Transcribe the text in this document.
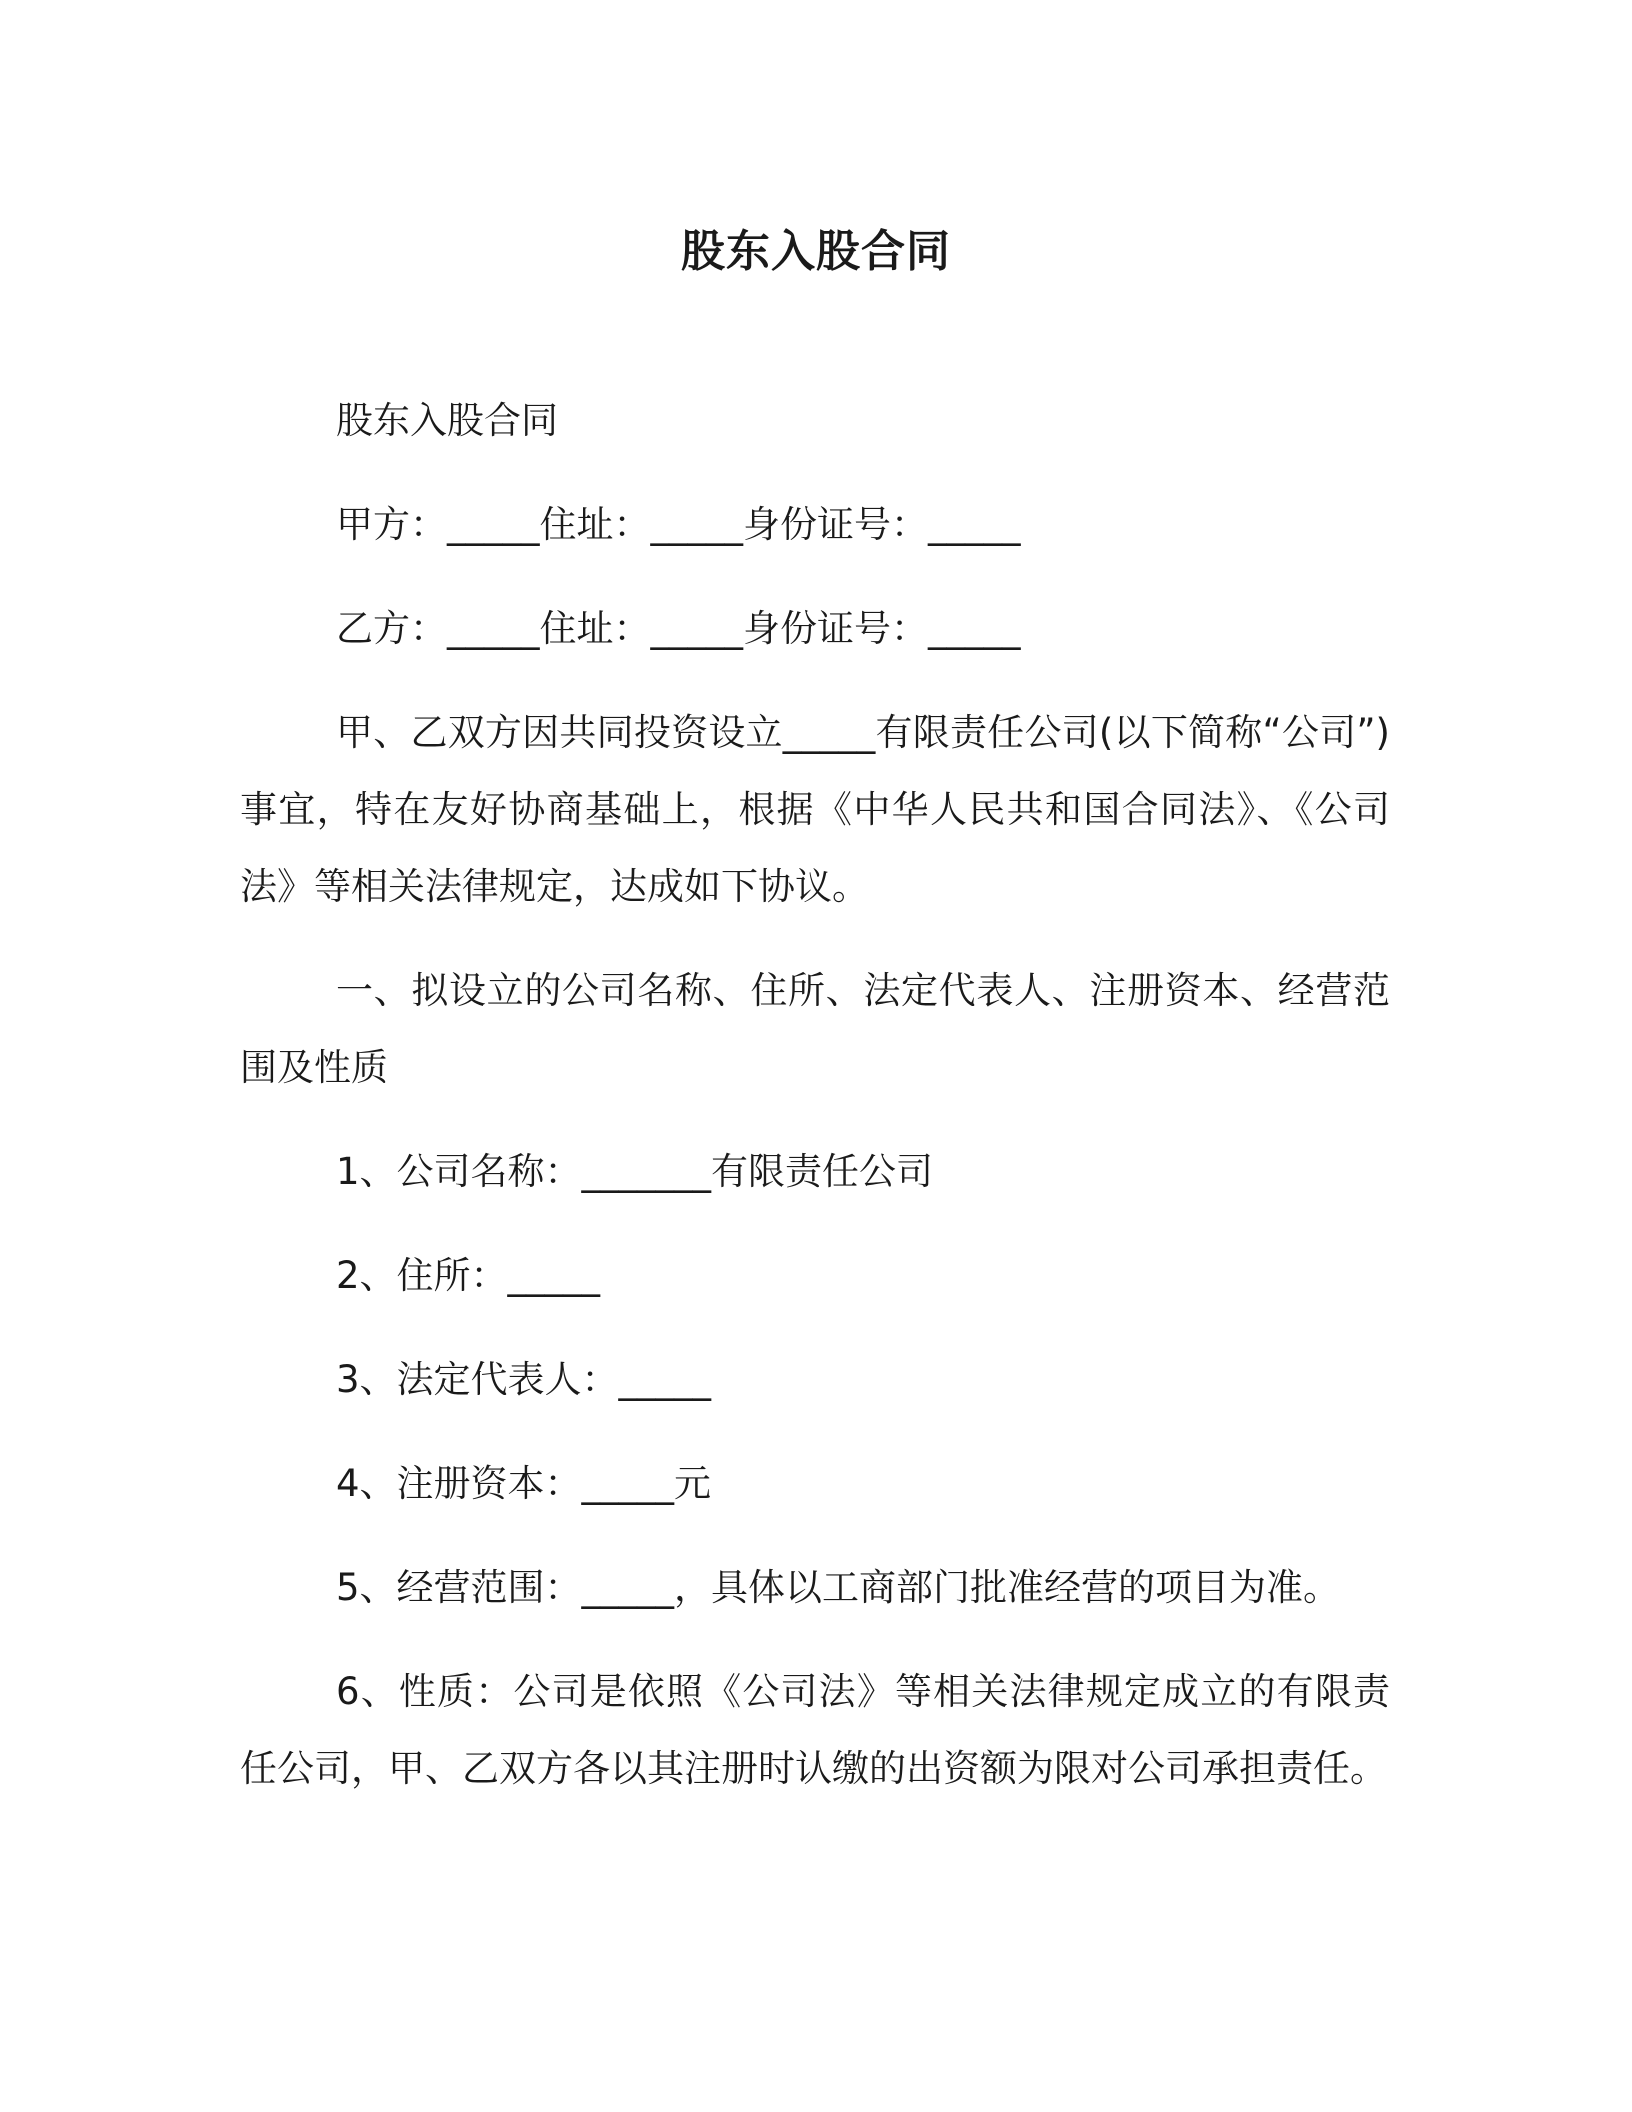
股东入股合同

股东入股合同

甲方：_____住址：_____身份证号：_____

乙方：_____住址：_____身份证号：_____

甲、乙双方因共同投资设立_____有限责任公司(以下简称“公司”)事宜，特在友好协商基础上，根据《中华人民共和国合同法》、《公司法》等相关法律规定，达成如下协议。

一、拟设立的公司名称、住所、法定代表人、注册资本、经营范围及性质

1、公司名称：_______有限责任公司

2、住所：_____

3、法定代表人：_____

4、注册资本：_____元

5、经营范围：_____，具体以工商部门批准经营的项目为准。

6、性质：公司是依照《公司法》等相关法律规定成立的有限责任公司，甲、乙双方各以其注册时认缴的出资额为限对公司承担责任。
